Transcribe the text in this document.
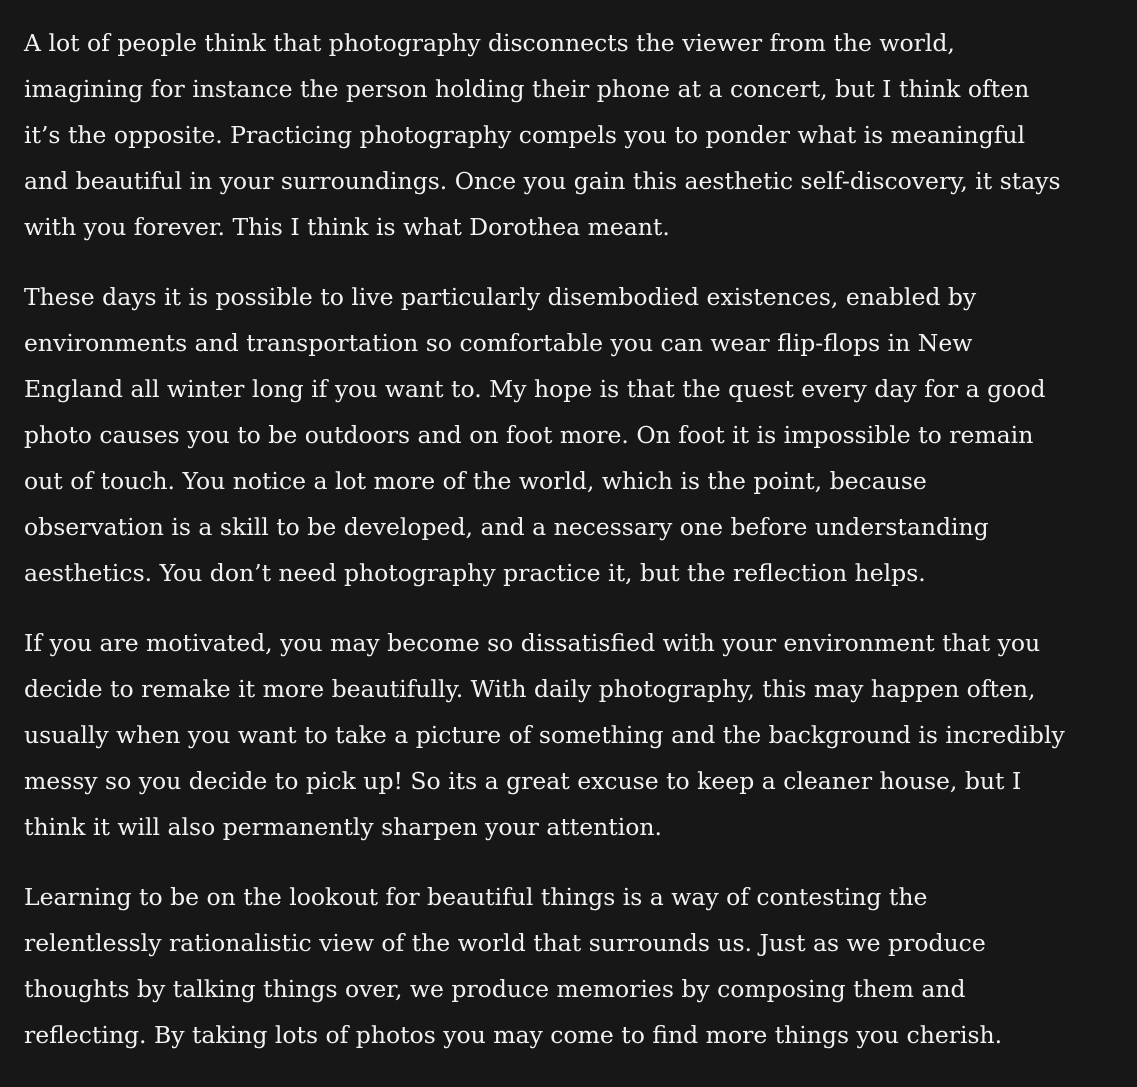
A lot of people think that photography disconnects the viewer from the world,
imagining for instance the person holding their phone at a concert, but I think often
it’s the opposite. Practicing photography compels you to ponder what is meaningful
and beautiful in your surroundings. Once you gain this aesthetic self-discovery, it stays
with you forever. This I think is what Dorothea meant.

These days it is possible to live particularly disembodied existences, enabled by
environments and transportation so comfortable you can wear flip-flops in New
England all winter long if you want to. My hope is that the quest every day for a good
photo causes you to be outdoors and on foot more. On foot it is impossible to remain
out of touch. You notice a lot more of the world, which is the point, because
observation is a skill to be developed, and a necessary one before understanding
aesthetics. You don’t need photography practice it, but the reflection helps.

If you are motivated, you may become so dissatisfied with your environment that you
decide to remake it more beautifully. With daily photography, this may happen often,
usually when you want to take a picture of something and the background is incredibly
messy so you decide to pick up! So its a great excuse to keep a cleaner house, but I
think it will also permanently sharpen your attention.

Learning to be on the lookout for beautiful things is a way of contesting the
relentlessly rationalistic view of the world that surrounds us. Just as we produce
thoughts by talking things over, we produce memories by composing them and
reflecting. By taking lots of photos you may come to find more things you cherish.
